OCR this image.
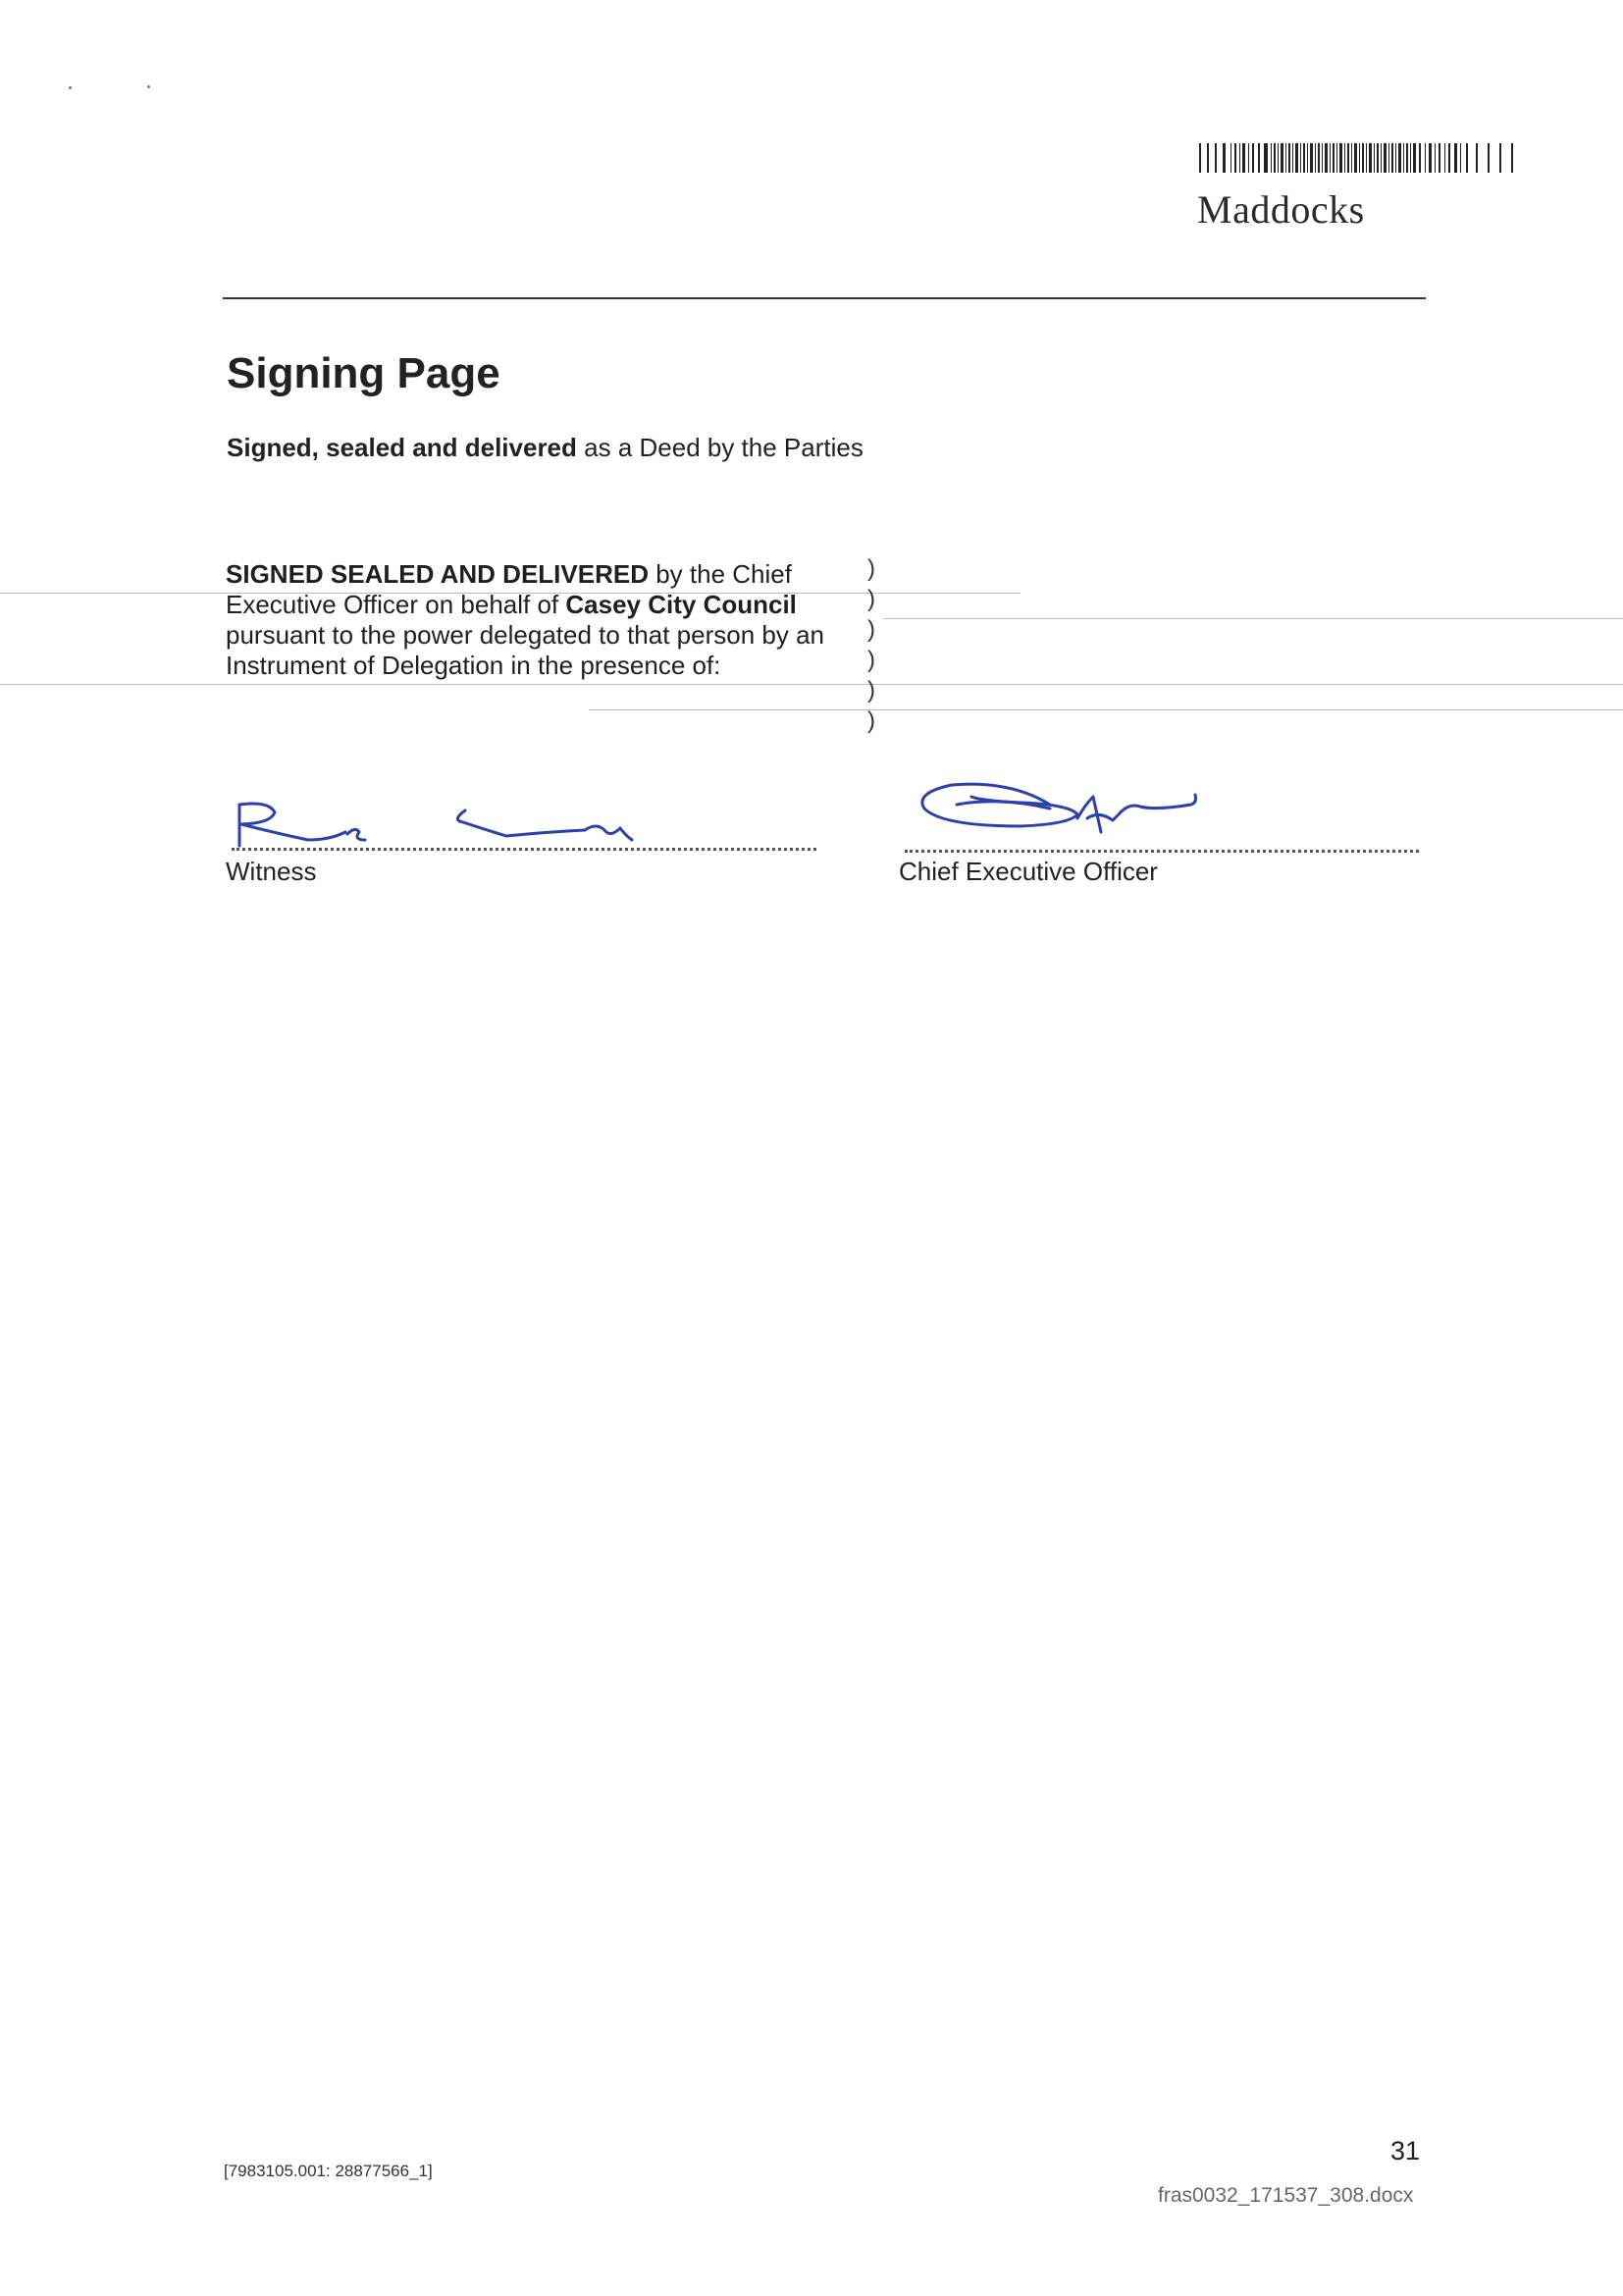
Maddocks
Signing Page
Signed, sealed and delivered as a Deed by the Parties
SIGNED SEALED AND DELIVERED by the Chief Executive Officer on behalf of Casey City Council pursuant to the power delegated to that person by an Instrument of Delegation in the presence of:
)
)
)
)
)
)
Witness	Chief Executive Officer
[7983105.001: 28877566_1]
31
fras0032_171537_308.docx
